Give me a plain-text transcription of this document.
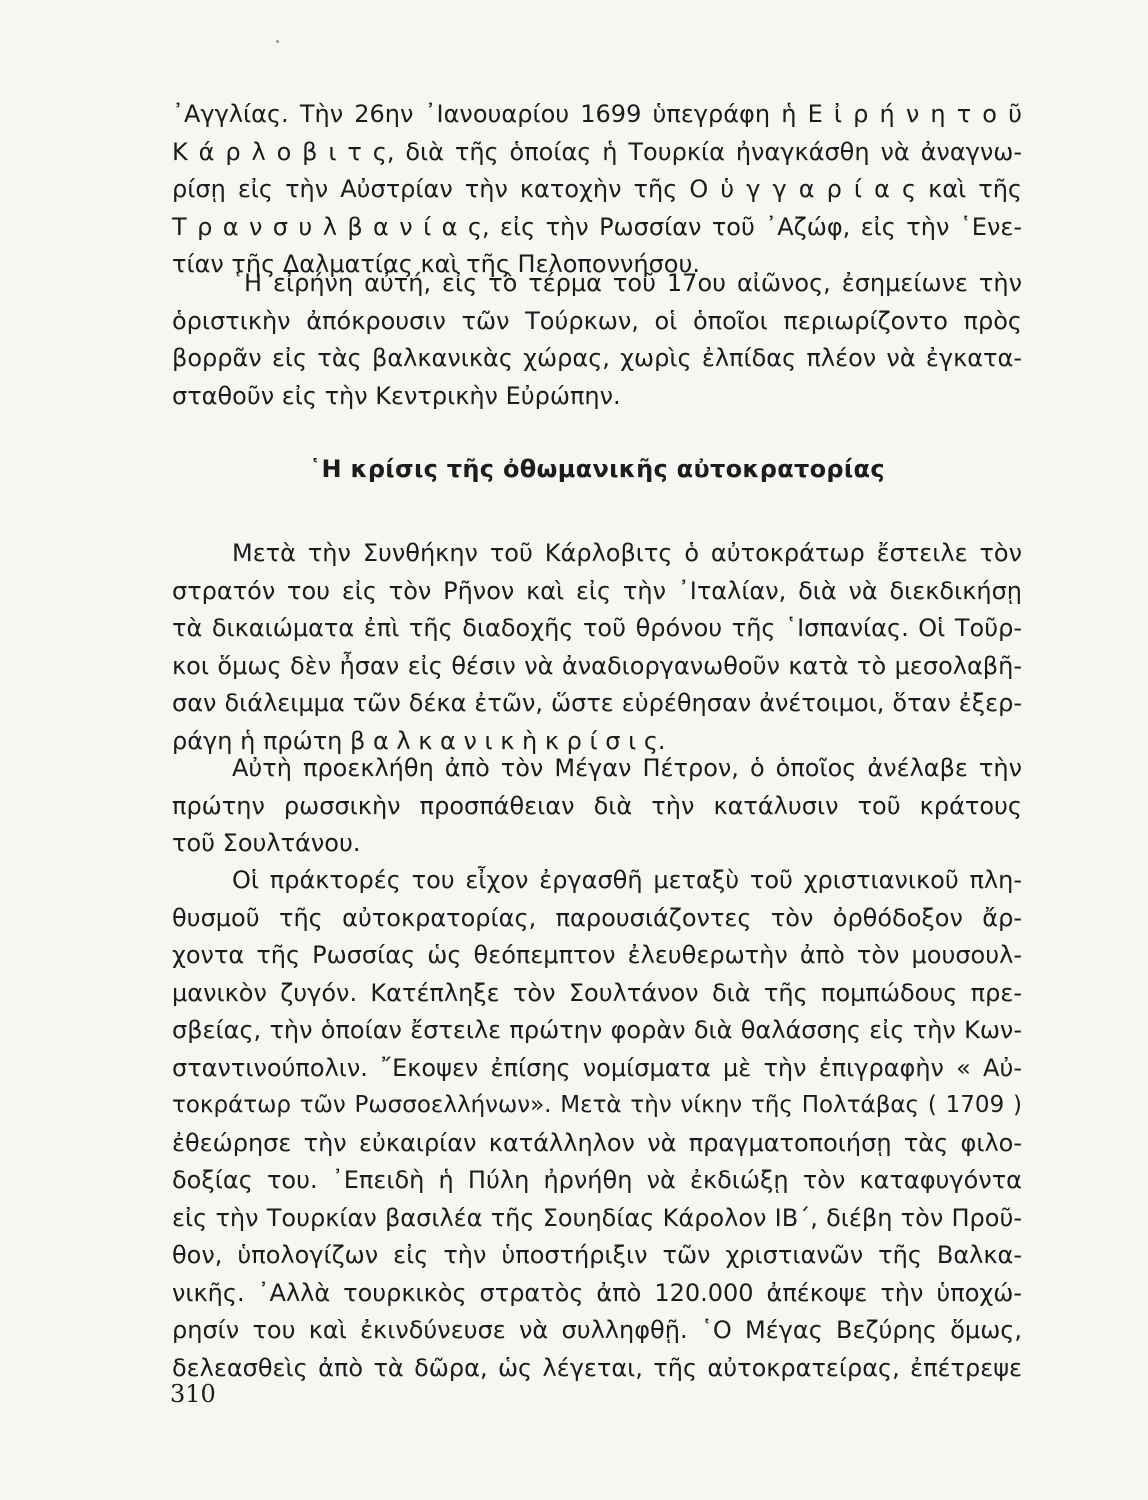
᾿Αγγλίας. Τὴν 26ην ᾿Ιανουαρίου 1699 ὑπεγράφη ἡ Ε ἰ ρ ή ν η τ ο ῦ
Κ ά ρ λ ο β ι τ ς, διὰ τῆς ὁποίας ἡ Τουρκία ἠναγκάσθη νὰ ἀναγνω-
ρίσῃ εἰς τὴν Αὐστρίαν τὴν κατοχὴν τῆς Ο ὑ γ γ α ρ ί α ς καὶ τῆς
Τ ρ α ν σ υ λ β α ν ί α ς, εἰς τὴν Ρωσσίαν τοῦ ᾿Αζώφ, εἰς τὴν ῾Ενε-
τίαν τῆς Δαλματίας καὶ τῆς Πελοποννήσου.
῾Η εἰρήνη αὐτή, εἰς τὸ τέρμα τοῦ 17ου αἰῶνος, ἐσημείωνε τὴν
ὁριστικὴν ἀπόκρουσιν τῶν Τούρκων, οἱ ὁποῖοι περιωρίζοντο πρὸς
βορρᾶν εἰς τὰς βαλκανικὰς χώρας, χωρὶς ἐλπίδας πλέον νὰ ἐγκατα-
σταθοῦν εἰς τὴν Κεντρικὴν Εὐρώπην.
῾Η κρίσις τῆς ὀθωμανικῆς αὐτοκρατορίας
Μετὰ τὴν Συνθήκην τοῦ Κάρλοβιτς ὁ αὐτοκράτωρ ἔστειλε τὸν
στρατόν του εἰς τὸν Ρῆνον καὶ εἰς τὴν ᾿Ιταλίαν, διὰ νὰ διεκδικήσῃ
τὰ δικαιώματα ἐπὶ τῆς διαδοχῆς τοῦ θρόνου τῆς ῾Ισπανίας. Οἱ Τοῦρ-
κοι ὅμως δὲν ἦσαν εἰς θέσιν νὰ ἀναδιοργανωθοῦν κατὰ τὸ μεσολαβῆ-
σαν διάλειμμα τῶν δέκα ἐτῶν, ὥστε εὑρέθησαν ἀνέτοιμοι, ὅταν ἐξερ-
ράγη ἡ πρώτη β α λ κ α ν ι κ ὴ κ ρ ί σ ι ς.
Αὐτὴ προεκλήθη ἀπὸ τὸν Μέγαν Πέτρον, ὁ ὁποῖος ἀνέλαβε τὴν
πρώτην ρωσσικὴν προσπάθειαν διὰ τὴν κατάλυσιν τοῦ κράτους
τοῦ Σουλτάνου.
Οἱ πράκτορές του εἶχον ἐργασθῆ μεταξὺ τοῦ χριστιανικοῦ πλη-
θυσμοῦ τῆς αὐτοκρατορίας, παρουσιάζοντες τὸν ὀρθόδοξον ἄρ-
χοντα τῆς Ρωσσίας ὡς θεόπεμπτον ἐλευθερωτὴν ἀπὸ τὸν μουσουλ-
μανικὸν ζυγόν. Κατέπληξε τὸν Σουλτάνον διὰ τῆς πομπώδους πρε-
σβείας, τὴν ὁποίαν ἔστειλε πρώτην φορὰν διὰ θαλάσσης εἰς τὴν Κων-
σταντινούπολιν. ῎Εκοψεν ἐπίσης νομίσματα μὲ τὴν ἐπιγραφὴν « Αὐ-
τοκράτωρ τῶν Ρωσσοελλήνων». Μετὰ τὴν νίκην τῆς Πολτάβας ( 1709 )
ἐθεώρησε τὴν εὐκαιρίαν κατάλληλον νὰ πραγματοποιήσῃ τὰς φιλο-
δοξίας του. ᾿Επειδὴ ἡ Πύλη ἠρνήθη νὰ ἐκδιώξῃ τὸν καταφυγόντα
εἰς τὴν Τουρκίαν βασιλέα τῆς Σουηδίας Κάρολον ΙΒ΄, διέβη τὸν Προῦ-
θον, ὑπολογίζων εἰς τὴν ὑποστήριξιν τῶν χριστιανῶν τῆς Βαλκα-
νικῆς. ᾿Αλλὰ τουρκικὸς στρατὸς ἀπὸ 120.000 ἀπέκοψε τὴν ὑποχώ-
ρησίν του καὶ ἐκινδύνευσε νὰ συλληφθῇ. ῾Ο Μέγας Βεζύρης ὅμως,
δελεασθεὶς ἀπὸ τὰ δῶρα, ὡς λέγεται, τῆς αὐτοκρατείρας, ἐπέτρεψε
310
